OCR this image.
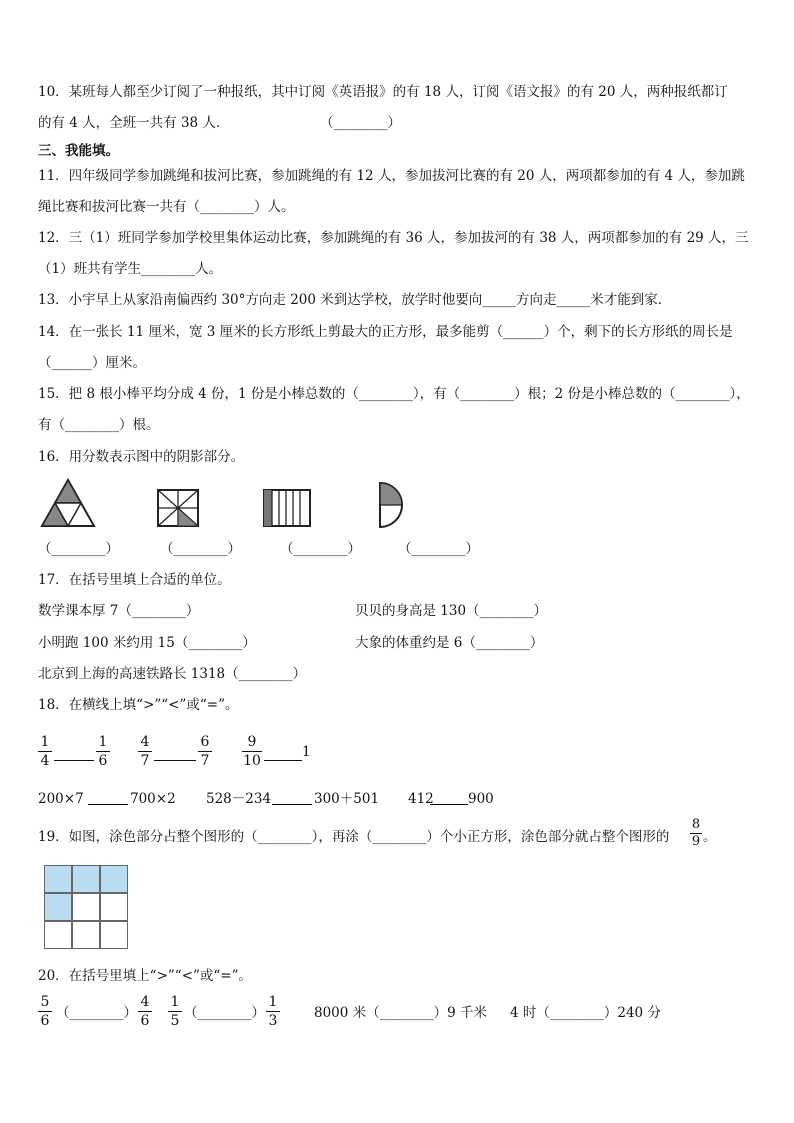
10．某班每人都至少订阅了一种报纸，其中订阅《英语报》的有 18 人，订阅《语文报》的有 20 人，两种报纸都订
的有 4 人，全班一共有 38 人．	（________）
三、我能填。
11．四年级同学参加跳绳和拔河比赛，参加跳绳的有 12 人，参加拔河比赛的有 20 人，两项都参加的有 4 人，参加跳
绳比赛和拔河比赛一共有（________）人。
12．三（1）班同学参加学校里集体运动比赛，参加跳绳的有 36 人，参加拔河的有 38 人，两项都参加的有 29 人，三
（1）班共有学生________人。
13．小宇早上从家沿南偏西约 30°方向走 200 米到达学校，放学时他要向_____方向走_____米才能到家．
14．在一张长 11 厘米，宽 3 厘米的长方形纸上剪最大的正方形，最多能剪（______）个，剩下的长方形纸的周长是
（______）厘米。
15．把 8 根小棒平均分成 4 份，1 份是小棒总数的（________），有（________）根；2 份是小棒总数的（________），
有（________）根。
16．用分数表示图中的阴影部分。
（________）	（________）	（________）	（________）
17．在括号里填上合适的单位。
数学课本厚 7（________）	贝贝的身高是 130（________）
小明跑 100 米约用 15（________）	大象的体重约是 6（________）
北京到上海的高速铁路长 1318（________）
18．在横线上填“>”“<”或“=”。
$\frac{1}{4}$	$\frac{1}{6} \frac{4}{7}$	$\frac{6}{7} \frac{9}{10}$	1
200×7	700×2 528－234	300＋501 412	900
19．如图，涂色部分占整个图形的（________），再涂（________）个小正方形，涂色部分就占整个图形的 $\frac{8}{9}$ 。
20．在括号里填上“>”“<”或“=”。
$\frac{5}{6}$ （________） $\frac{4}{6} \frac{1}{5}$ （________） $\frac{1}{3}$	8000 米（________）9 千米 4 时（________）240 分
